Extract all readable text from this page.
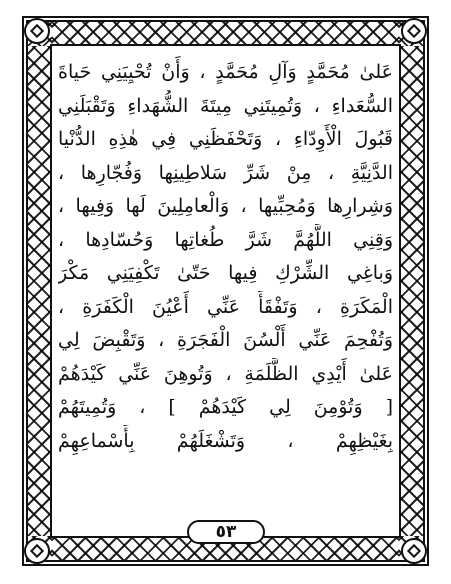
عَلىٰ مُحَمَّدٍ وَآلِ مُحَمَّدٍ ، وَأَنْ تُحْيِيَنِي حَياةَ
السُّعَداءِ ، وَتُمِيتَنِي مِيتَةَ الشُّهَداءِ وَتَقْبَلَنِي
قَبُولَ الْأَوِدّاءِ ، وَتَحْفَظَنِي فِي هٰذِهِ الدُّنْيا
الدَّنِيَّةِ ، مِنْ شَرِّ سَلاطِينِها وَفُجّارِها ،
وَشِرارِها وَمُحِبِّيها ، وَالْعامِلِينَ لَها وَفِيها ،
وَقِنِي اللَّهُمَّ شَرَّ طُغاتِها وَحُسّادِها ،
وَباغِي الشِّرْكِ فِيها حَتّىٰ تَكْفِيَنِي مَكْرَ
الْمَكَرَةِ ، وَتَفْقَأَ عَنِّي أَعْيُنَ الْكَفَرَةِ ،
وَتُفْحِمَ عَنِّي أَلْسُنَ الْفَجَرَةِ ، وَتَقْبِضَ لِي
عَلىٰ أَيْدِي الظَّلَمَةِ ، وَتُوهِنَ عَنِّي كَيْدَهُمْ
[ وَتُوْمِنَ لِي كَيْدَهُمْ ] ، وَتُمِيتَهُمْ
بِغَيْظِهِمْ ، وَتَشْغَلَهُمْ بِأَسْماعِهِمْ
٥٣
